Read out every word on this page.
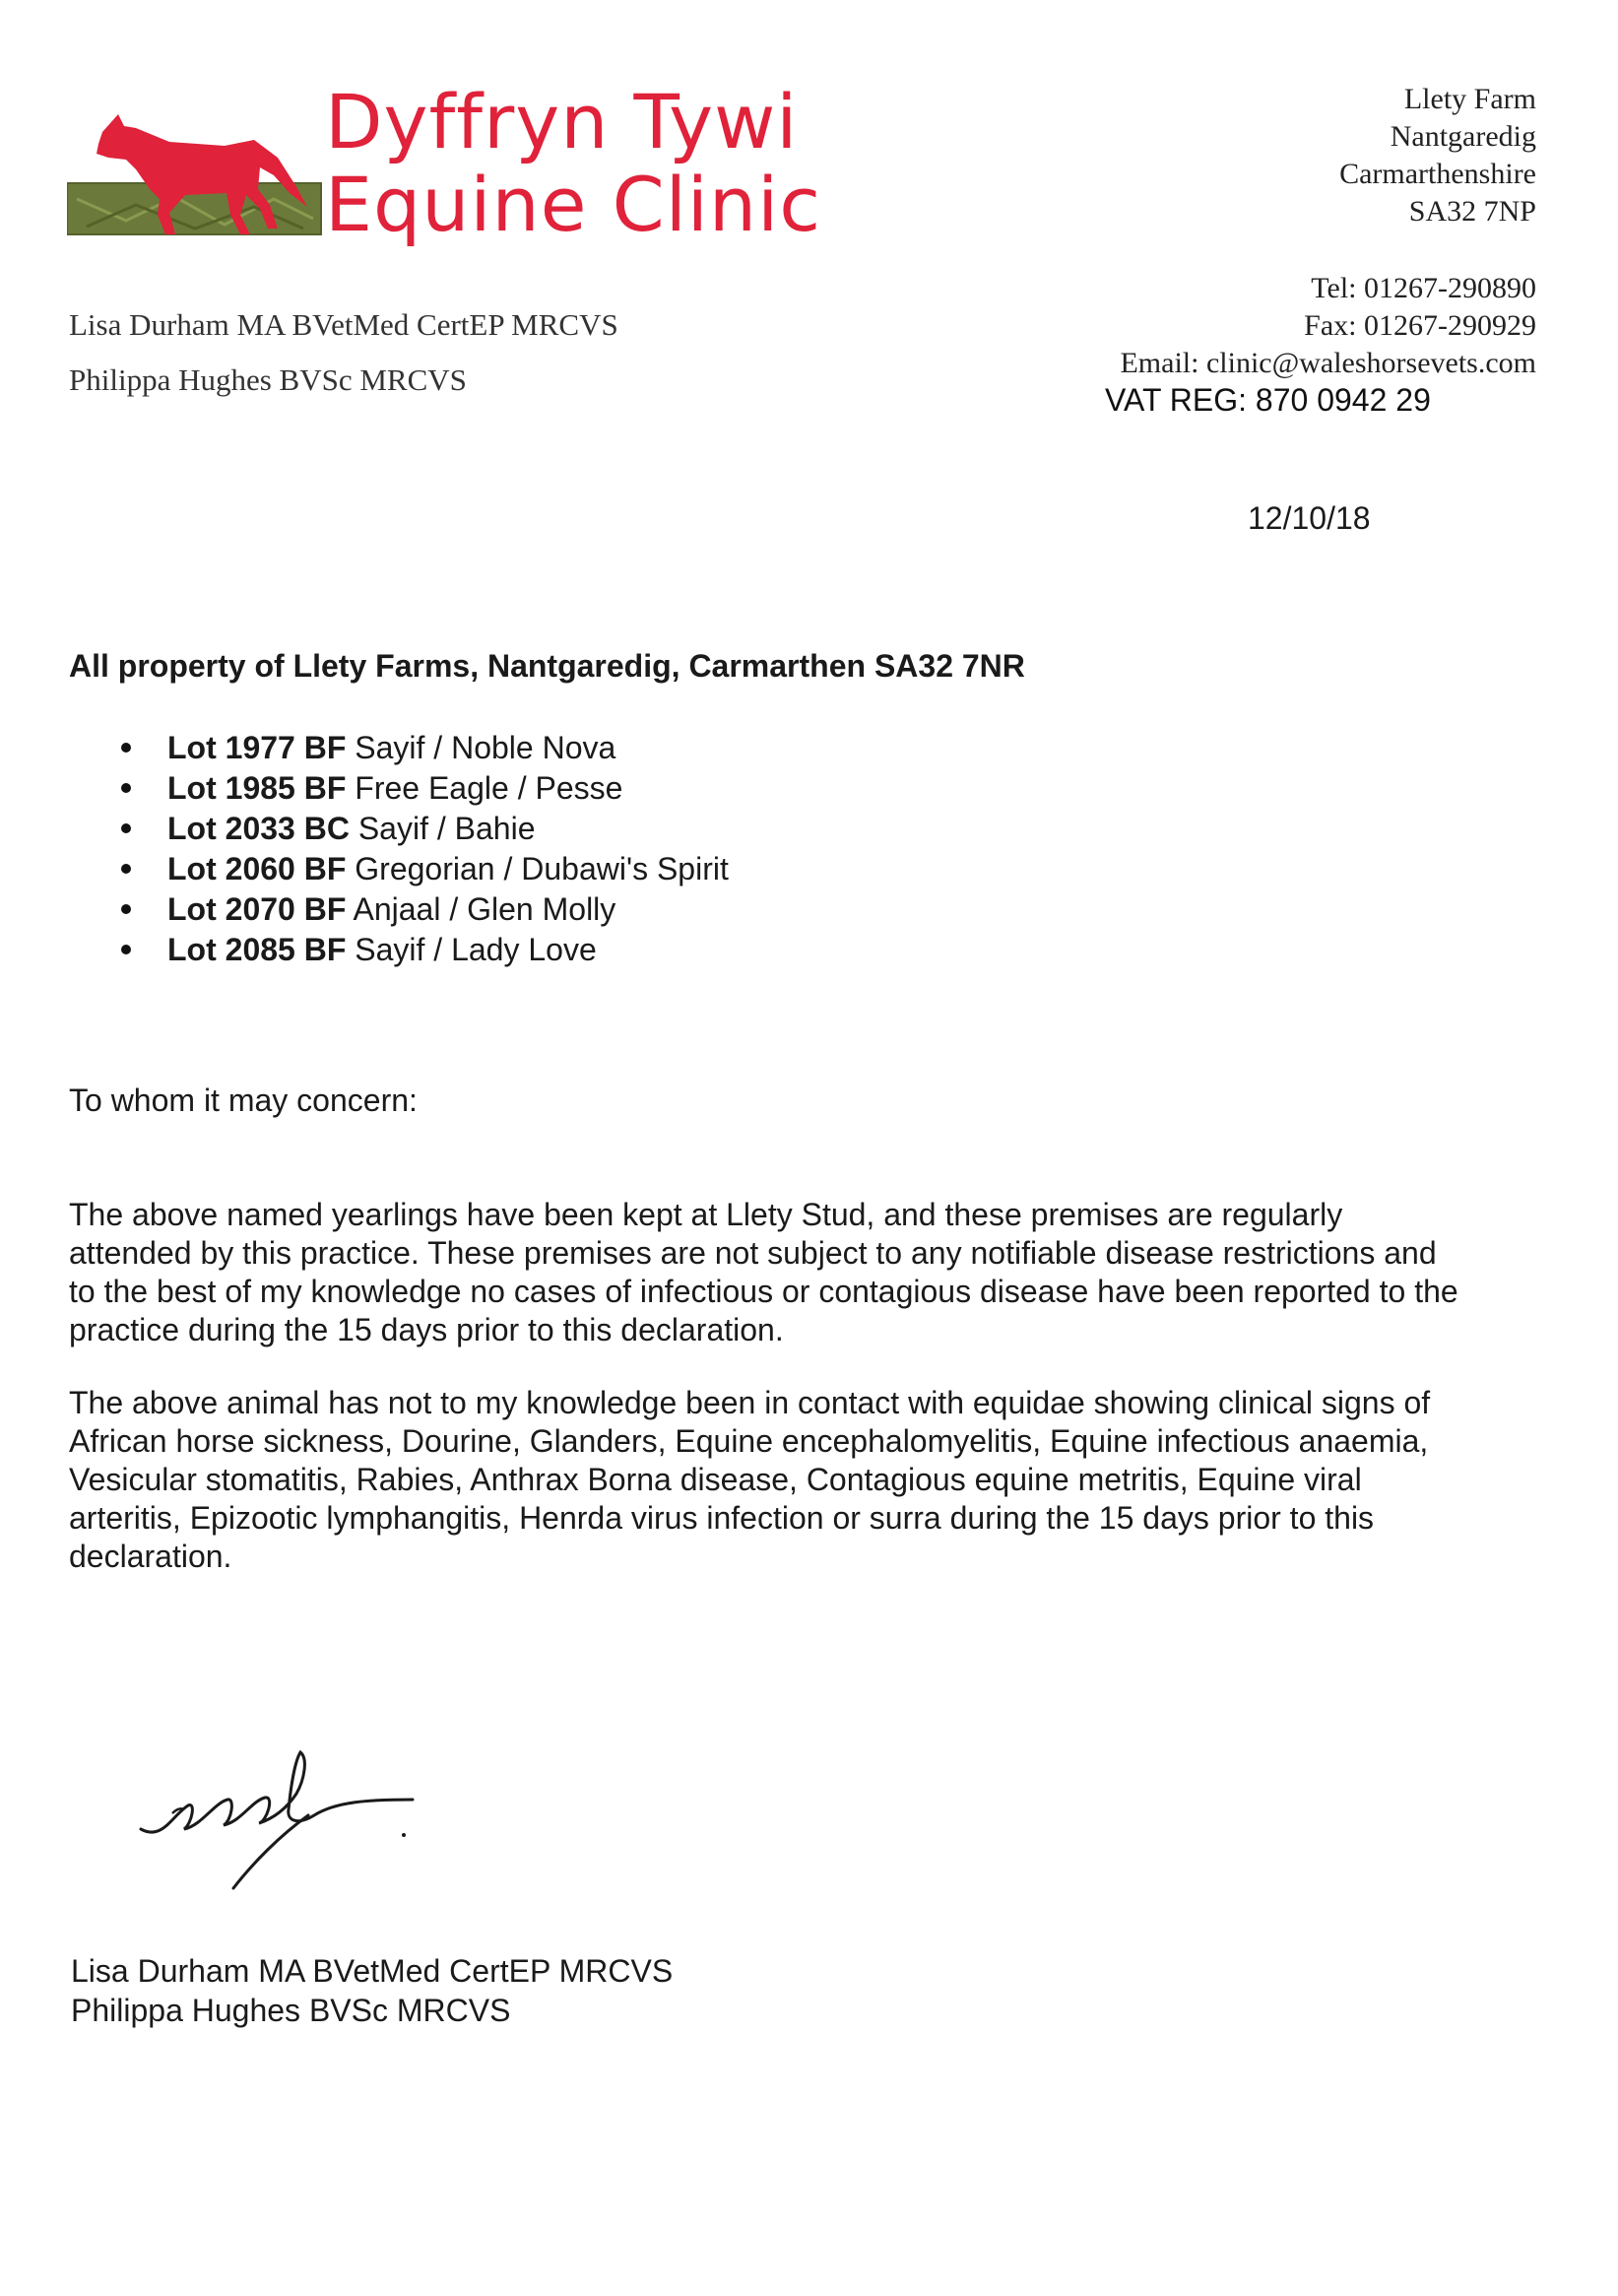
Dyffryn Tywi
Equine Clinic
Llety Farm
Nantgaredig
Carmarthenshire
SA32 7NP
Tel: 01267-290890
Fax: 01267-290929
Email: clinic@waleshorsevets.com
VAT REG: 870 0942 29
Lisa Durham MA BVetMed CertEP MRCVS
Philippa Hughes BVSc MRCVS
12/10/18
All property of Llety Farms, Nantgaredig, Carmarthen SA32 7NR
Lot 1977 BF Sayif / Noble Nova
Lot 1985 BF Free Eagle / Pesse
Lot 2033 BC Sayif / Bahie
Lot 2060 BF Gregorian / Dubawi's Spirit
Lot 2070 BF Anjaal / Glen Molly
Lot 2085 BF Sayif / Lady Love
To whom it may concern:
The above named yearlings have been kept at Llety Stud, and these premises are regularly attended by this practice. These premises are not subject to any notifiable disease restrictions and to the best of my knowledge no cases of infectious or contagious disease have been reported to the practice during the 15 days prior to this declaration.
The above animal has not to my knowledge been in contact with equidae showing clinical signs of African horse sickness, Dourine, Glanders, Equine encephalomyelitis, Equine infectious anaemia, Vesicular stomatitis, Rabies, Anthrax Borna disease, Contagious equine metritis, Equine viral arteritis, Epizootic lymphangitis, Henrda virus infection or surra during the 15 days prior to this declaration.
Lisa Durham MA BVetMed CertEP MRCVS
Philippa Hughes BVSc MRCVS
